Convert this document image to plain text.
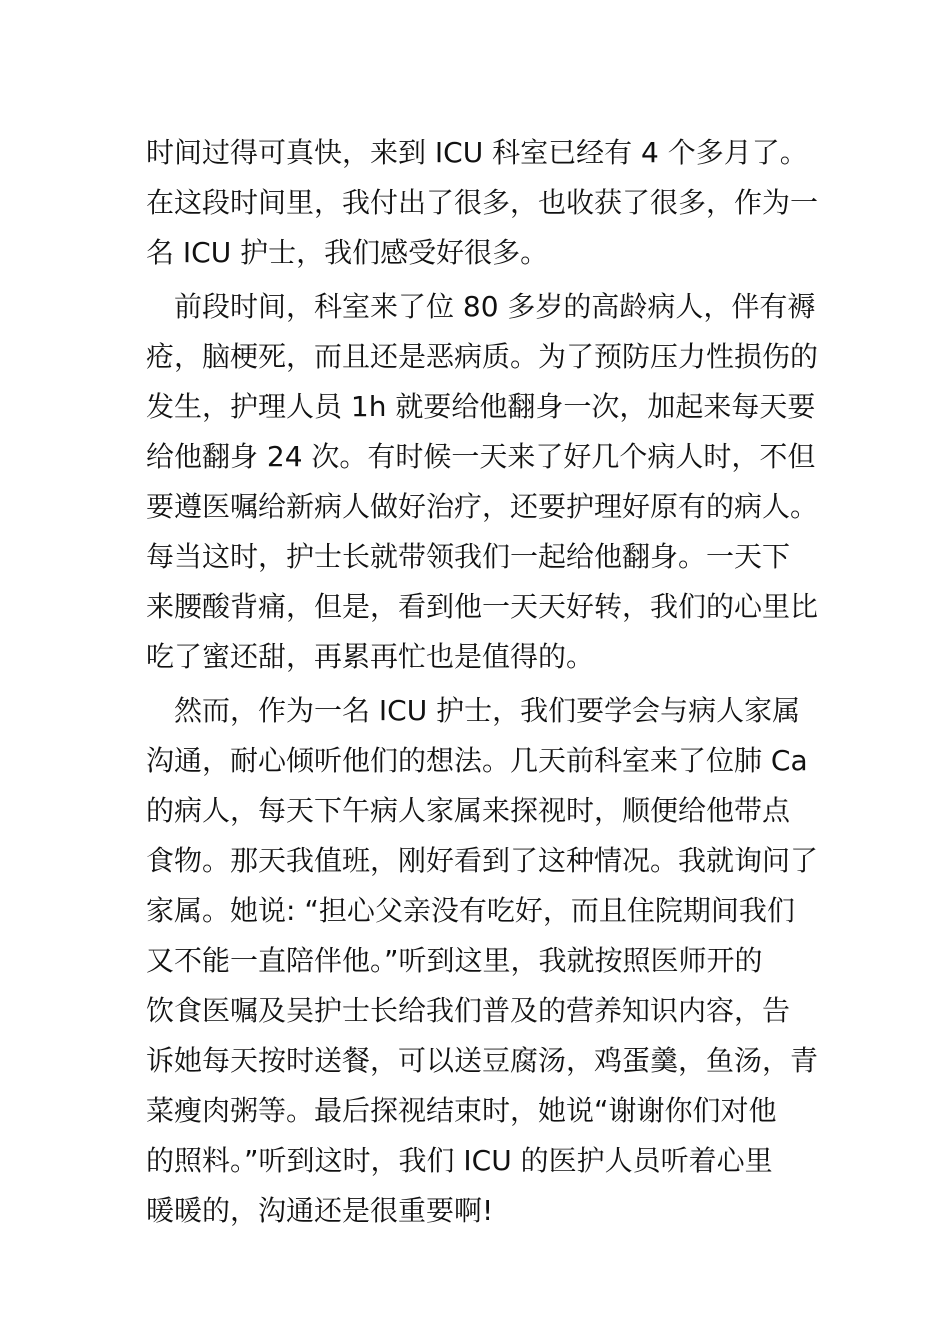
时间过得可真快，来到 ICU 科室已经有 4 个多月了。
在这段时间里，我付出了很多，也收获了很多，作为一
名 ICU 护士，我们感受好很多。
　前段时间，科室来了位 80 多岁的高龄病人，伴有褥
疮，脑梗死，而且还是恶病质。为了预防压力性损伤的
发生，护理人员 1h 就要给他翻身一次，加起来每天要
给他翻身 24 次。有时候一天来了好几个病人时，不但
要遵医嘱给新病人做好治疗，还要护理好原有的病人。
每当这时，护士长就带领我们一起给他翻身。一天下
来腰酸背痛，但是，看到他一天天好转，我们的心里比
吃了蜜还甜，再累再忙也是值得的。
　然而，作为一名 ICU 护士，我们要学会与病人家属
沟通，耐心倾听他们的想法。几天前科室来了位肺 Ca
的病人，每天下午病人家属来探视时，顺便给他带点
食物。那天我值班，刚好看到了这种情况。我就询问了
家属。她说: “担心父亲没有吃好，而且住院期间我们
又不能一直陪伴他。”听到这里，我就按照医师开的
饮食医嘱及吴护士长给我们普及的营养知识内容，告
诉她每天按时送餐，可以送豆腐汤，鸡蛋羹，鱼汤，青
菜瘦肉粥等。最后探视结束时，她说“谢谢你们对他
的照料。”听到这时，我们 ICU 的医护人员听着心里
暖暖的，沟通还是很重要啊!
